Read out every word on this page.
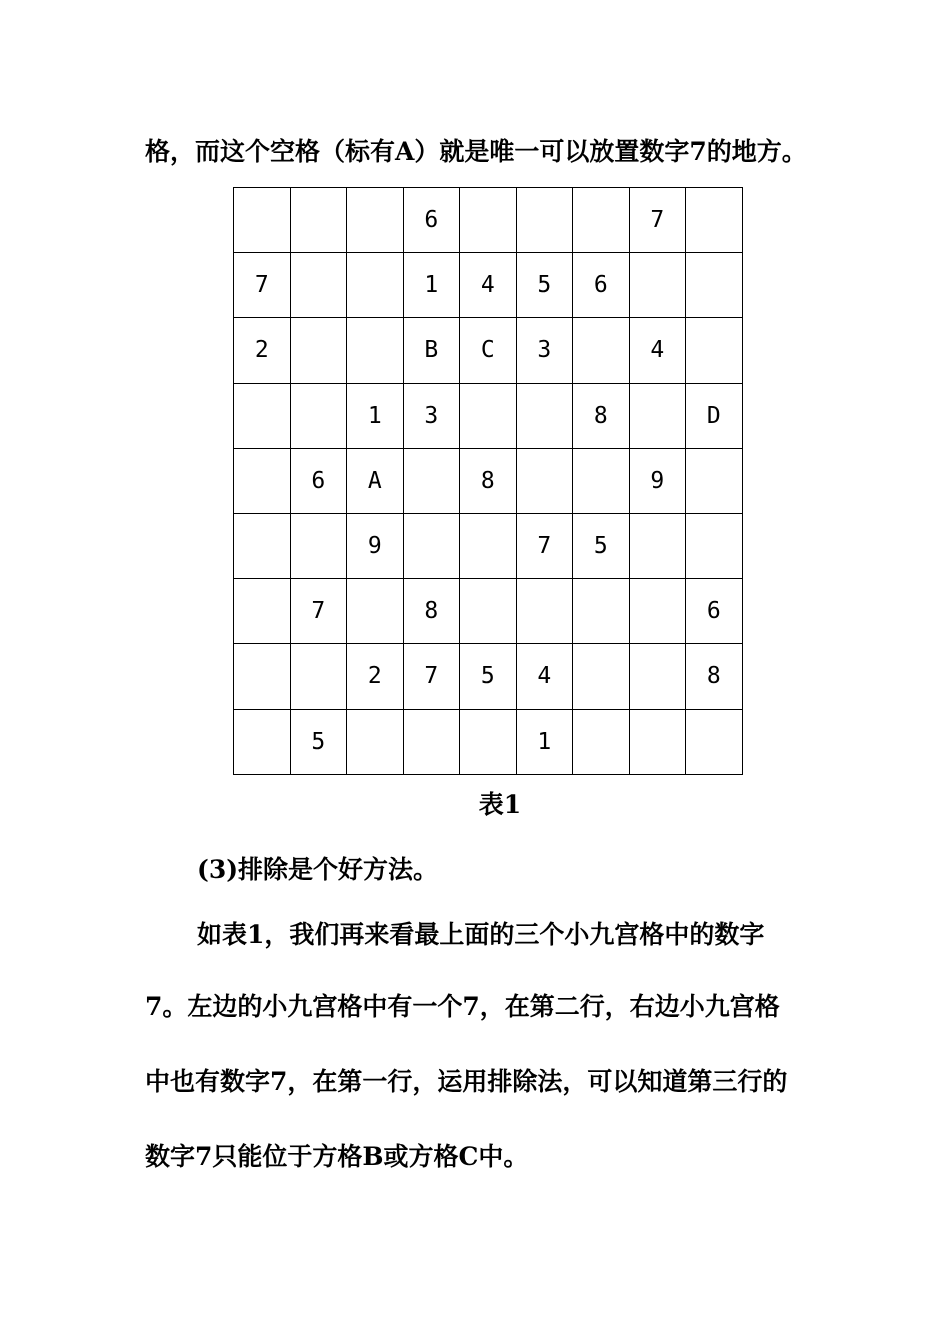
格，而这个空格（标有A）就是唯一可以放置数字7的地方。
			6				7	
7			1	4	5	6		
2			B	C	3		4	
		1	3			8		D
	6	A		8			9	
		9			7	5		
	7		8					6
		2	7	5	4			8
	5				1			
表1
(3)排除是个好方法。
如表1，我们再来看最上面的三个小九宫格中的数字
7。左边的小九宫格中有一个7，在第二行，右边小九宫格
中也有数字7，在第一行，运用排除法，可以知道第三行的
数字7只能位于方格B或方格C中。
